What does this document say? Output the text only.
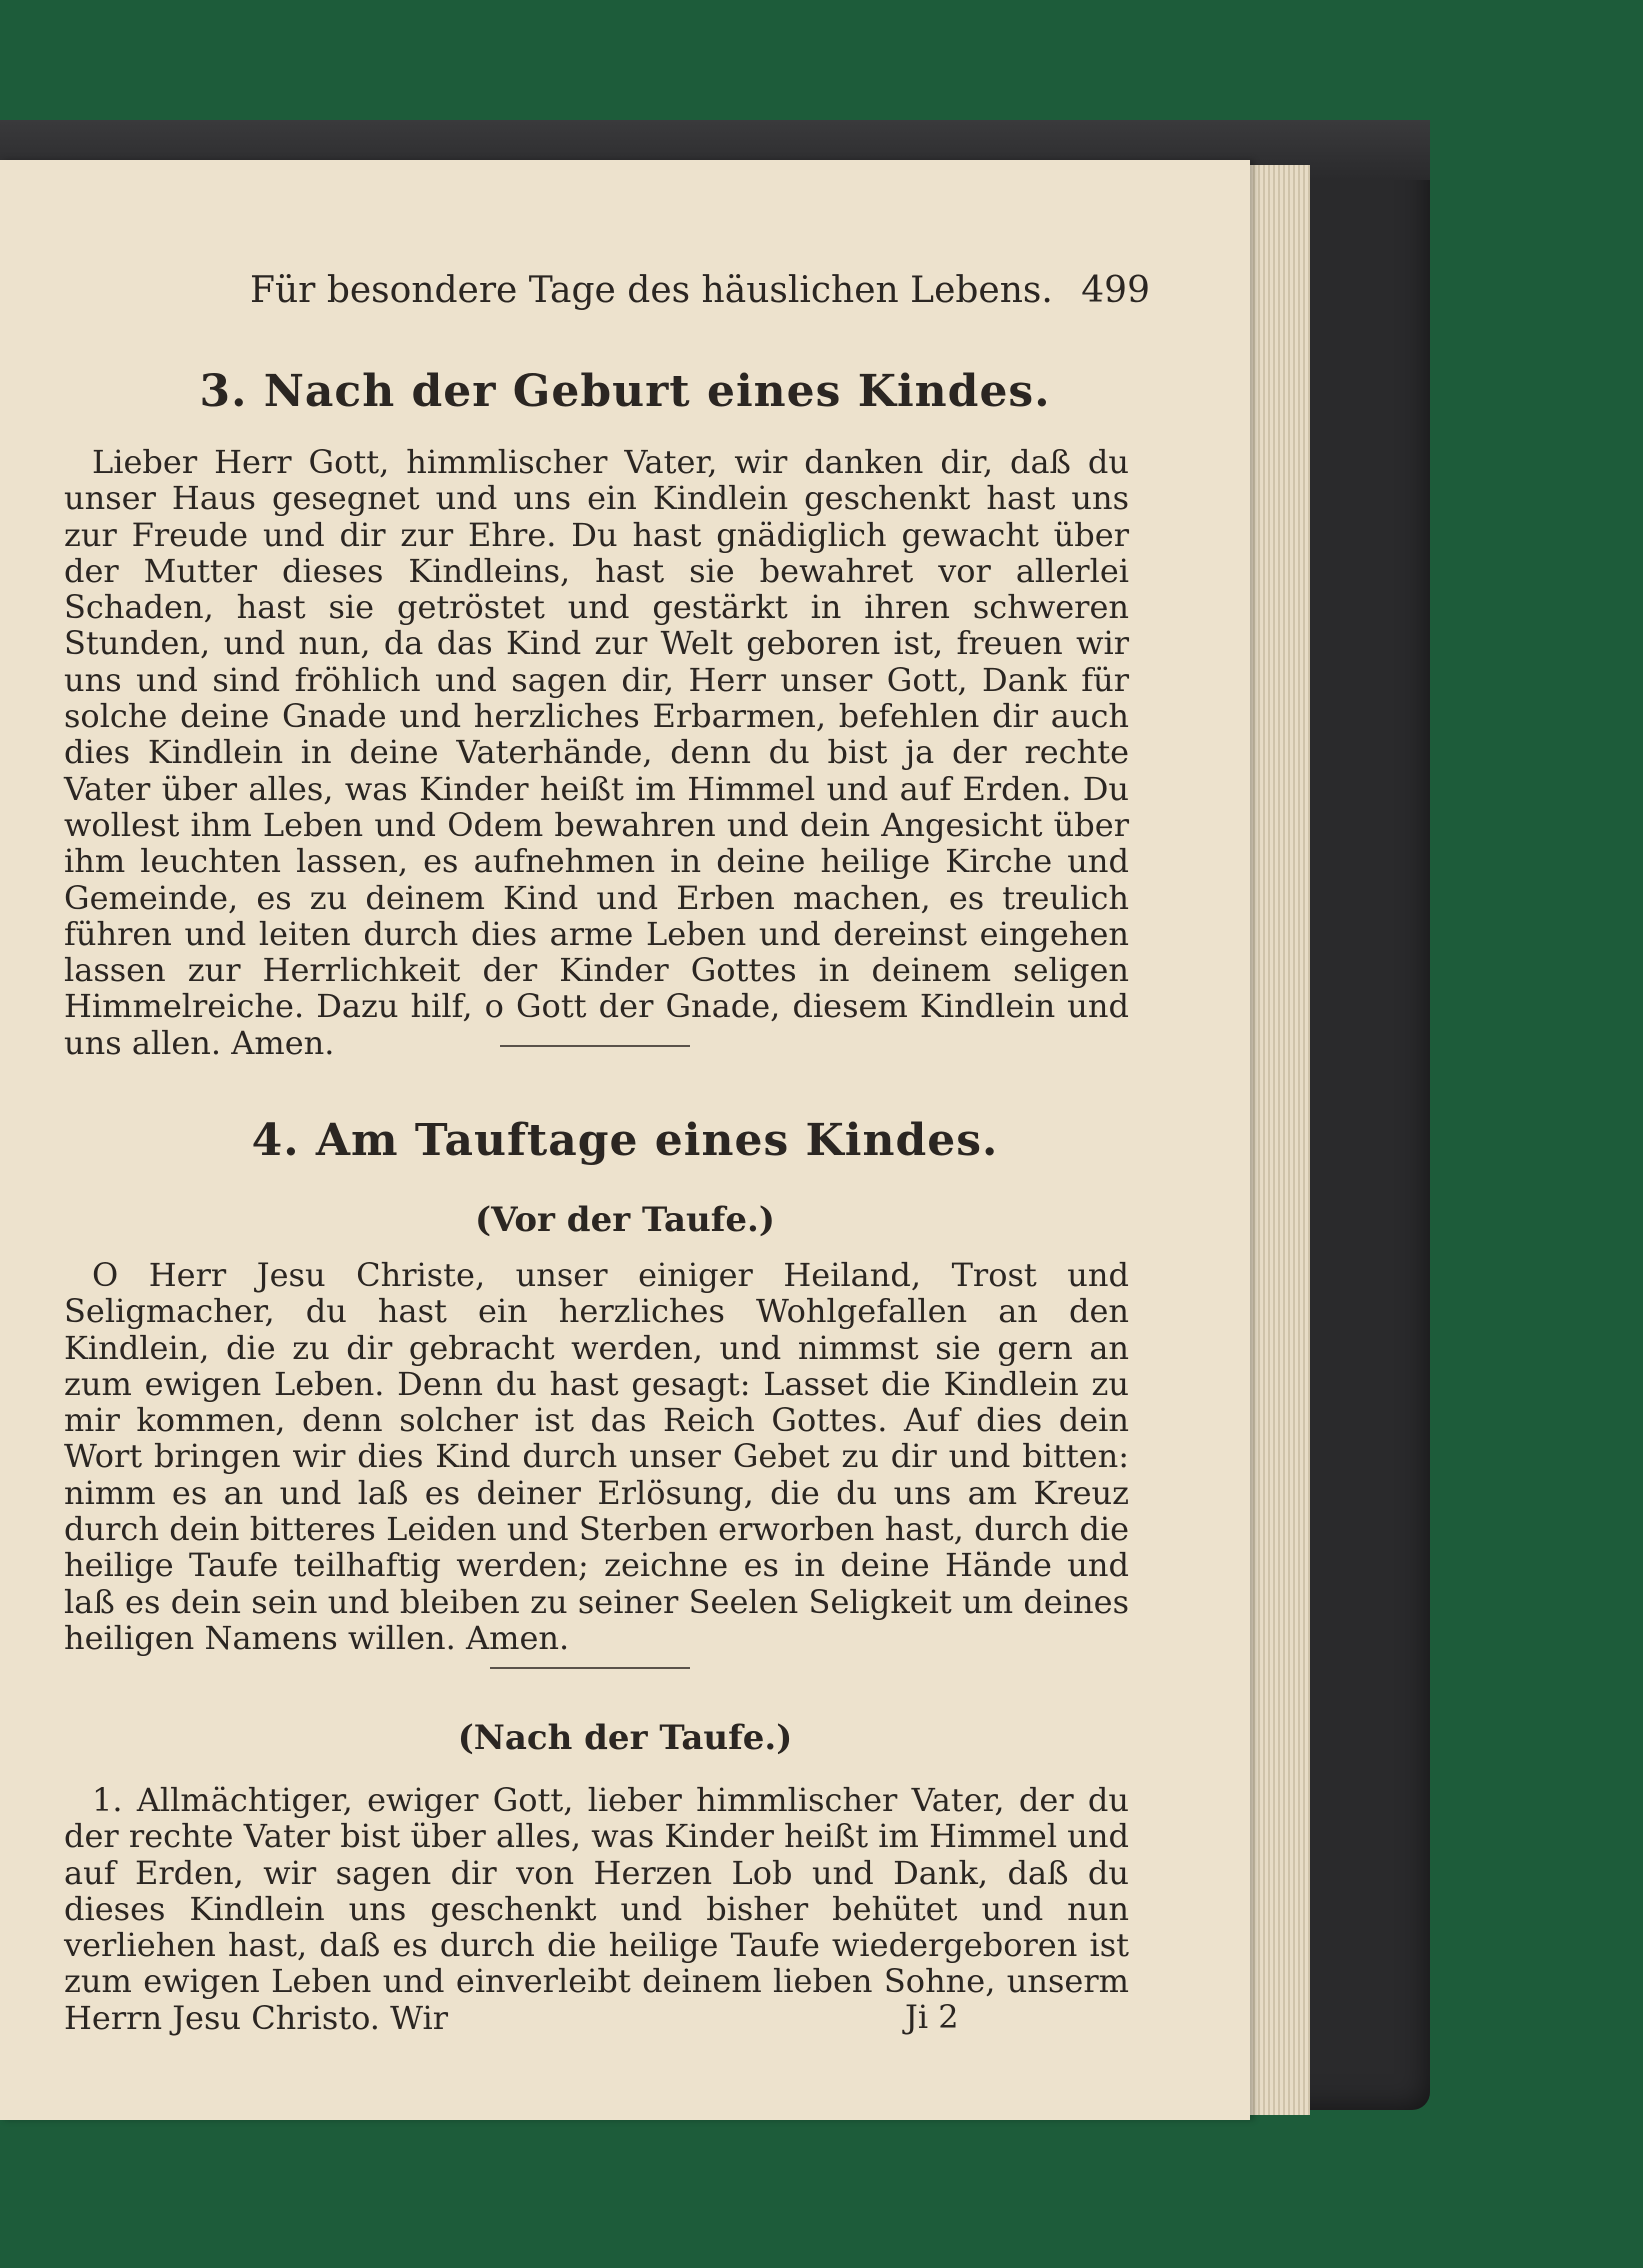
Für besondere Tage des häuslichen Lebens. 499
3. Nach der Geburt eines Kindes.

Lieber Herr Gott, himmlischer Vater, wir danken dir, daß du unser Haus gesegnet und uns ein Kindlein geschenkt hast uns zur Freude und dir zur Ehre. Du hast gnädiglich gewacht über der Mutter dieses Kindleins, hast sie bewahret vor allerlei Schaden, hast sie getröstet und gestärkt in ihren schweren Stunden, und nun, da das Kind zur Welt geboren ist, freuen wir uns und sind fröhlich und sagen dir, Herr unser Gott, Dank für solche deine Gnade und herzliches Erbarmen, befehlen dir auch dies Kindlein in deine Vaterhände, denn du bist ja der rechte Vater über alles, was Kinder heißt im Himmel und auf Erden. Du wollest ihm Leben und Odem bewahren und dein Angesicht über ihm leuchten lassen, es aufnehmen in deine heilige Kirche und Gemeinde, es zu deinem Kind und Erben machen, es treulich führen und leiten durch dies arme Leben und dereinst eingehen lassen zur Herrlichkeit der Kinder Gottes in deinem seligen Himmelreiche. Dazu hilf, o Gott der Gnade, diesem Kindlein und uns allen. Amen.

4. Am Tauftage eines Kindes.
(Vor der Taufe.)

O Herr Jesu Christe, unser einiger Heiland, Trost und Seligmacher, du hast ein herzliches Wohlgefallen an den Kindlein, die zu dir gebracht werden, und nimmst sie gern an zum ewigen Leben. Denn du hast gesagt: Lasset die Kindlein zu mir kommen, denn solcher ist das Reich Gottes. Auf dies dein Wort bringen wir dies Kind durch unser Gebet zu dir und bitten: nimm es an und laß es deiner Erlösung, die du uns am Kreuz durch dein bitteres Leiden und Sterben erworben hast, durch die heilige Taufe teilhaftig werden; zeichne es in deine Hände und laß es dein sein und bleiben zu seiner Seelen Seligkeit um deines heiligen Namens willen. Amen.

(Nach der Taufe.)

1. Allmächtiger, ewiger Gott, lieber himmlischer Vater, der du der rechte Vater bist über alles, was Kinder heißt im Himmel und auf Erden, wir sagen dir von Herzen Lob und Dank, daß du dieses Kindlein uns geschenkt und bisher behütet und nun verliehen hast, daß es durch die heilige Taufe wiedergeboren ist zum ewigen Leben und einverleibt deinem lieben Sohne, unserm Herrn Jesu Christo. Wir	Ji 2
